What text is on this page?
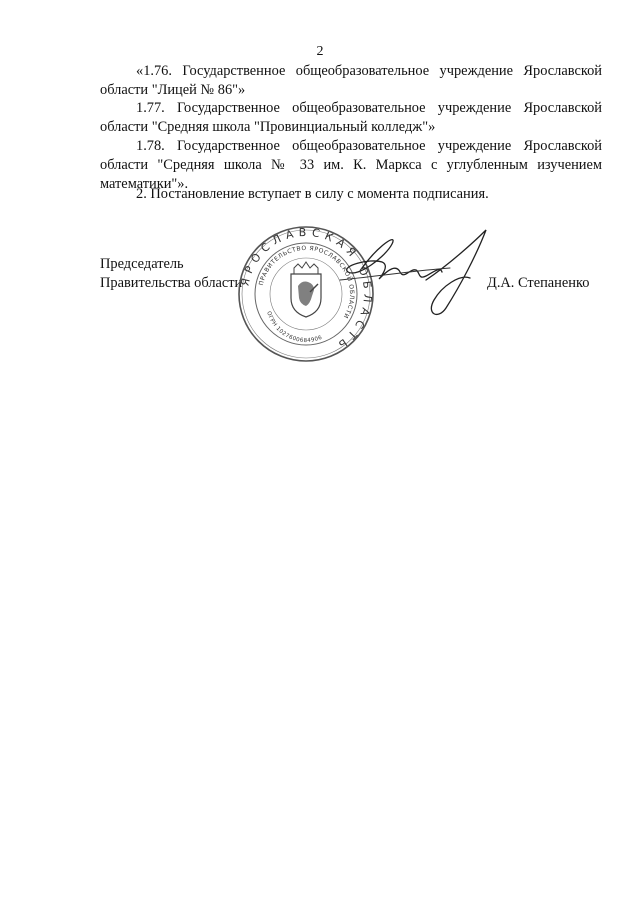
2

«1.76. Государственное общеобразовательное учреждение Ярославской области "Лицей № 86"»

1.77. Государственное общеобразовательное учреждение Ярославской области "Средняя школа "Провинциальный колледж"»

1.78. Государственное общеобразовательное учреждение Ярославской области "Средняя школа № 33 им. К. Маркса с углубленным изучением математики"».

2. Постановление вступает в силу с момента подписания.

Председатель
Правительства области
ЯРОСЛАВСКАЯ ОБЛАСТЬ
ПРАВИТЕЛЬСТВО ЯРОСЛАВСКОЙ ОБЛАСТИ
ОГРН 1027600684906
Д.А. Степаненко
